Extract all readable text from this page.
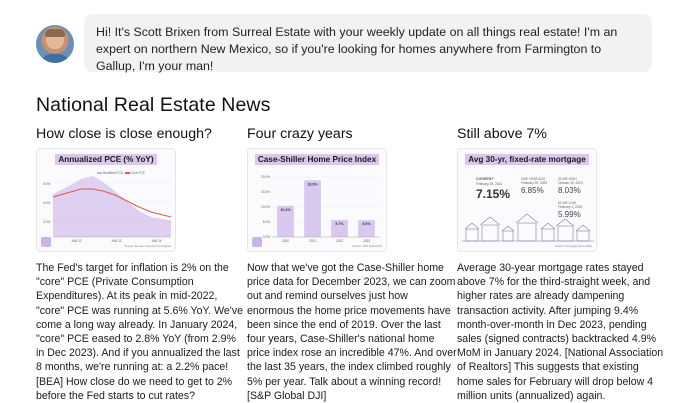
Hi! It's Scott Brixen from Surreal Estate with your weekly update on all things real estate! I'm an expert on northern New Mexico, so if you're looking for homes anywhere from Farmington to Gallup, I'm your man!
National Real Estate News
How close is close enough?
Annualized PCE (% YoY)
Headline PCE Core PCE
6.0%
4.0%
2.0%
JAN 22	JAN 23	JAN 24
Source: Bureau of Economic Analysis
The Fed's target for inflation is 2% on the "core" PCE (Private Consumption Expenditures). At its peak in mid-2022, "core" PCE was running at 5.6% YoY. We've come a long way already. In January 2024, "core" PCE eased to 2.8% YoY (from 2.9% in Dec 2023). And if you annualized the last 8 months, we're running at: a 2.2% pace! [BEA] How close do we need to get to 2% before the Fed starts to cut rates?
Four crazy years
Case-Shiller Home Price Index
20.0%
15.0%
10.0%
5.0%
0.0%
10.4%
2020
18.9%
2021
5.7%
2022
5.6%
2023
Source: S&P Global DJI
Now that we've got the Case-Shiller home price data for December 2023, we can zoom out and remind ourselves just how enormous the home price movements have been since the end of 2019. Over the last four years, Case-Shiller's national home price index rose an incredible 47%. And over the last 35 years, the index climbed roughly 5% per year. Talk about a winning record! [S&P Global DJI]
Still above 7%
Avg 30-yr, fixed-rate mortgage
CURRENT
February 29, 2024
7.15%
ONE YEAR AGO
February 29, 2023
6.85%
52-WK HIGH
October 26, 2023
8.03%
52-WK LOW
February 1, 2024
5.99%
Source: Mortgage News Daily
Average 30-year mortgage rates stayed above 7% for the third-straight week, and higher rates are already dampening transaction activity. After jumping 9.4% month-over-month in Dec 2023, pending sales (signed contracts) backtracked 4.9% MoM in January 2024. [National Association of Realtors] This suggests that existing home sales for February will drop below 4 million units (annualized) again.
